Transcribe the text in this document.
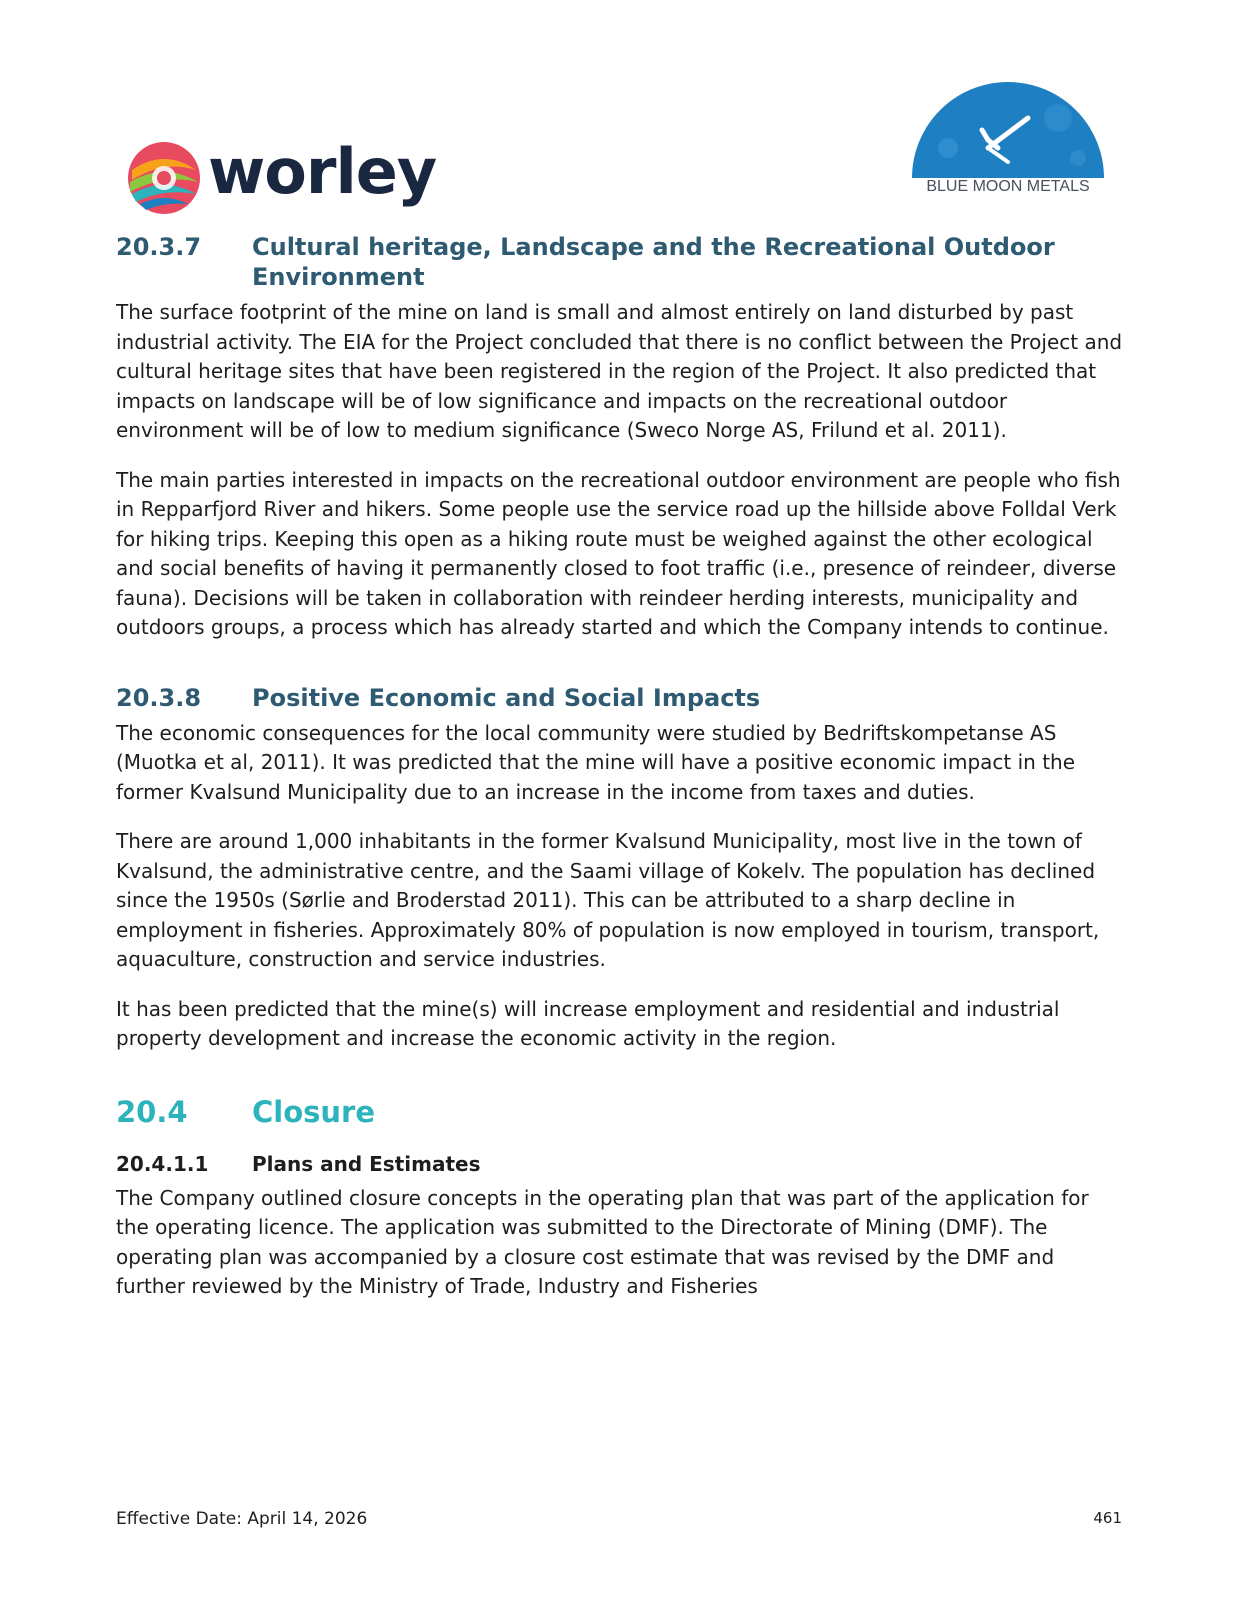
worley	BLUE MOON METALS
20.3.7	Cultural heritage, Landscape and the Recreational Outdoor Environment

The surface footprint of the mine on land is small and almost entirely on land disturbed by past industrial activity. The EIA for the Project concluded that there is no conflict between the Project and cultural heritage sites that have been registered in the region of the Project. It also predicted that impacts on landscape will be of low significance and impacts on the recreational outdoor environment will be of low to medium significance (Sweco Norge AS, Frilund et al. 2011).

The main parties interested in impacts on the recreational outdoor environment are people who fish in Repparfjord River and hikers. Some people use the service road up the hillside above Folldal Verk for hiking trips. Keeping this open as a hiking route must be weighed against the other ecological and social benefits of having it permanently closed to foot traffic (i.e., presence of reindeer, diverse fauna). Decisions will be taken in collaboration with reindeer herding interests, municipality and outdoors groups, a process which has already started and which the Company intends to continue.

20.3.8	Positive Economic and Social Impacts

The economic consequences for the local community were studied by Bedriftskompetanse AS (Muotka et al, 2011). It was predicted that the mine will have a positive economic impact in the former Kvalsund Municipality due to an increase in the income from taxes and duties.

There are around 1,000 inhabitants in the former Kvalsund Municipality, most live in the town of Kvalsund, the administrative centre, and the Saami village of Kokelv. The population has declined since the 1950s (Sørlie and Broderstad 2011). This can be attributed to a sharp decline in employment in fisheries. Approximately 80% of population is now employed in tourism, transport, aquaculture, construction and service industries.

It has been predicted that the mine(s) will increase employment and residential and industrial property development and increase the economic activity in the region.

20.4	Closure
20.4.1.1	Plans and Estimates

The Company outlined closure concepts in the operating plan that was part of the application for the operating licence. The application was submitted to the Directorate of Mining (DMF). The operating plan was accompanied by a closure cost estimate that was revised by the DMF and further reviewed by the Ministry of Trade, Industry and Fisheries

Effective Date: April 14, 2026	461
